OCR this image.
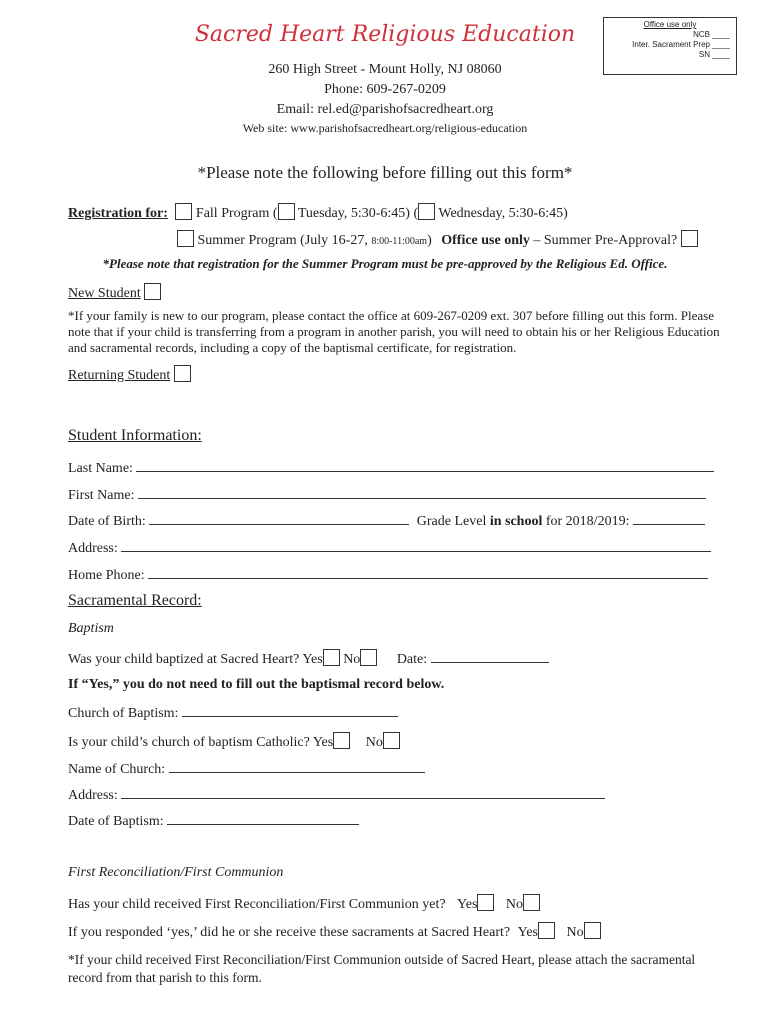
Sacred Heart Religious Education
260 High Street - Mount Holly, NJ 08060
Phone: 609-267-0209
Email: rel.ed@parishofsacredheart.org
Web site: www.parishofsacredheart.org/religious-education
Office use only
NCB ____
Inter. Sacrament Prep ____
SN ____
*Please note the following before filling out this form*
Registration for: Fall Program ( Tuesday, 5:30-6:45) ( Wednesday, 5:30-6:45)
Summer Program (July 16-27, 8:00-11:00am) Office use only – Summer Pre-Approval?
*Please note that registration for the Summer Program must be pre-approved by the Religious Ed. Office.
New Student
*If your family is new to our program, please contact the office at 609-267-0209 ext. 307 before filling out this form. Please note that if your child is transferring from a program in another parish, you will need to obtain his or her Religious Education and sacramental records, including a copy of the baptismal certificate, for registration.
Returning Student
Student Information:
Last Name:
First Name:
Date of Birth:	Grade Level in school for 2018/2019:
Address:
Home Phone:
Sacramental Record:
Baptism
Was your child baptized at Sacred Heart? Yes No	Date:
If “Yes,” you do not need to fill out the baptismal record below.
Church of Baptism:
Is your child’s church of baptism Catholic? Yes No
Name of Church:
Address:
Date of Baptism:
First Reconciliation/First Communion
Has your child received First Reconciliation/First Communion yet? Yes No
If you responded ‘yes,’ did he or she receive these sacraments at Sacred Heart? Yes No
*If your child received First Reconciliation/First Communion outside of Sacred Heart, please attach the sacramental record from that parish to this form.
